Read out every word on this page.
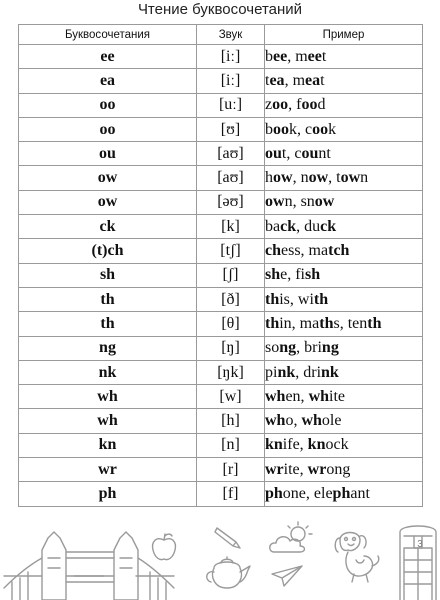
Чтение буквосочетаний
Буквосочетания	Звук	Пример
ee	[iː]	bee, meet
ea	[iː]	tea, meat
oo	[uː]	zoo, food
oo	[ʊ]	book, cook
ou	[aʊ]	out, count
ow	[aʊ]	how, now, town
ow	[əʊ]	own, snow
ck	[k]	back, duck
(t)ch	[tʃ]	chess, match
sh	[ʃ]	she, fish
th	[ð]	this, with
th	[θ]	thin, maths, tenth
ng	[ŋ]	song, bring
nk	[ŋk]	pink, drink
wh	[w]	when, white
wh	[h]	who, whole
kn	[n]	knife, knock
wr	[r]	write, wrong
ph	[f]	phone, elephant
3
